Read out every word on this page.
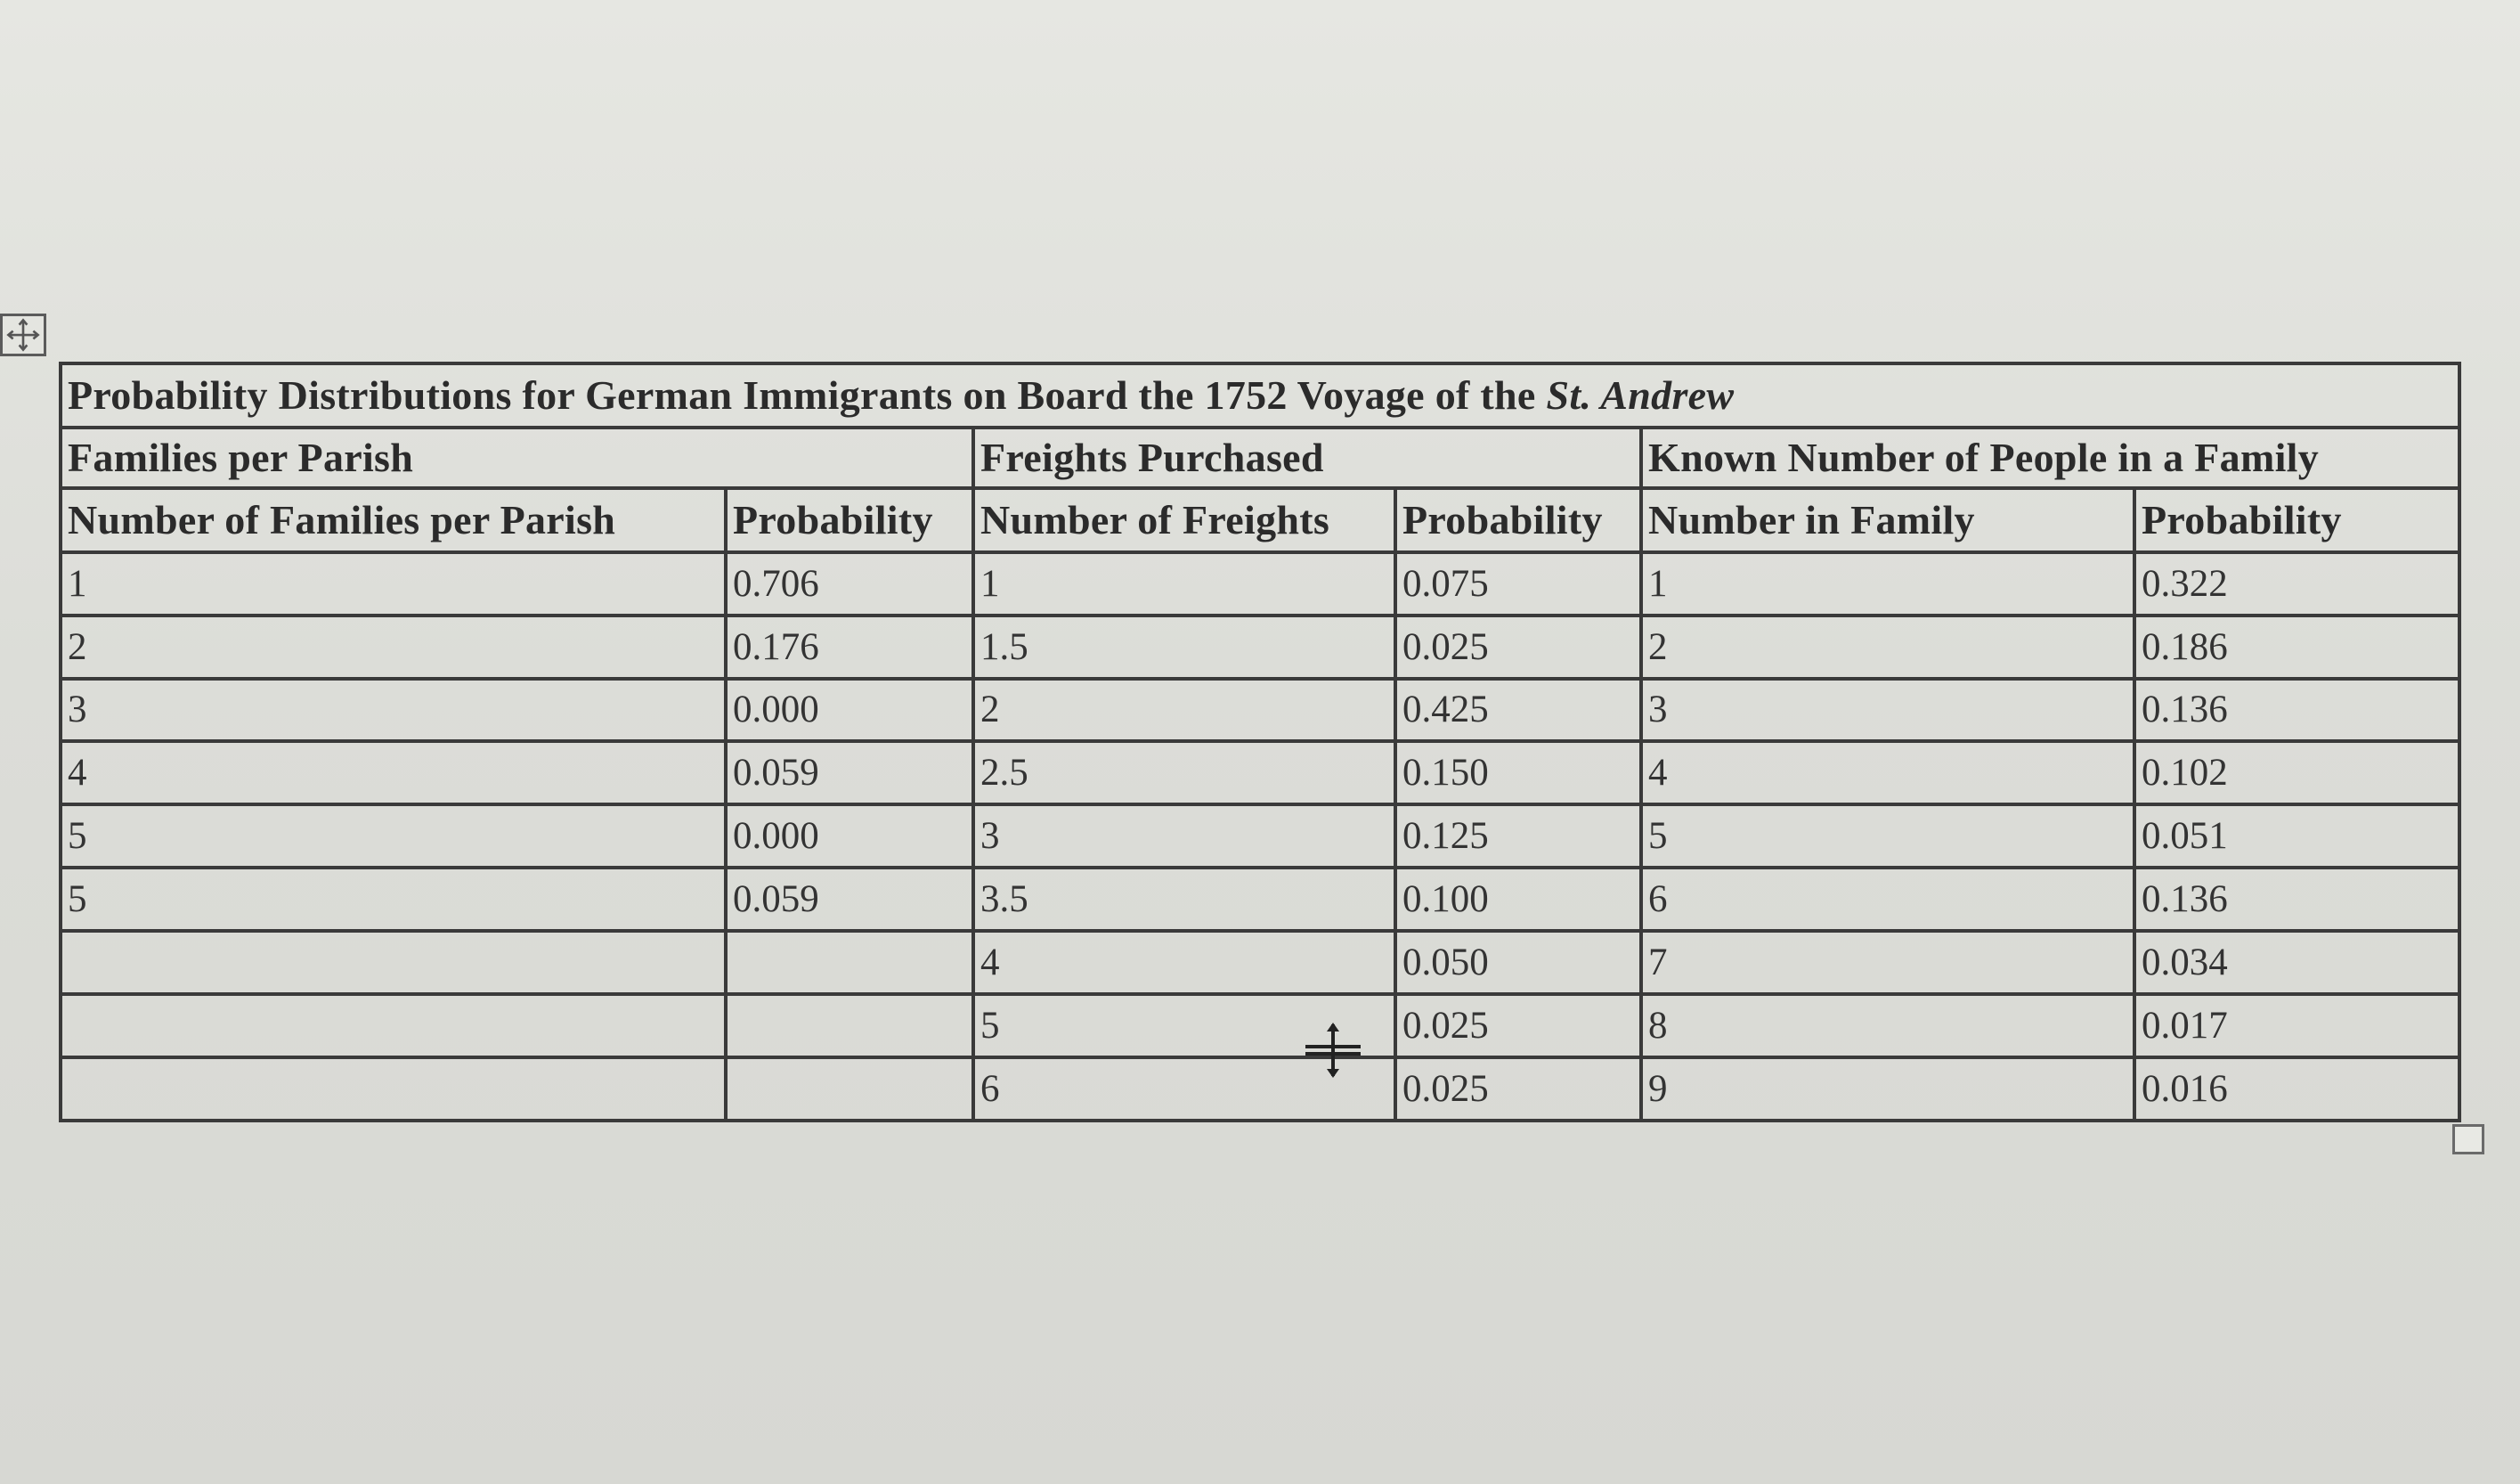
Probability Distributions for German Immigrants on Board the 1752 Voyage of the St. Andrew					
Families per Parish		Freights Purchased		Known Number of People in a Family	
Number of Families per Parish	Probability	Number of Freights	Probability	Number in Family	Probability
1	0.706	1	0.075	1	0.322
2	0.176	1.5	0.025	2	0.186
3	0.000	2	0.425	3	0.136
4	0.059	2.5	0.150	4	0.102
5	0.000	3	0.125	5	0.051
5	0.059	3.5	0.100	6	0.136
		4	0.050	7	0.034
		5	0.025	8	0.017
		6	0.025	9	0.016
